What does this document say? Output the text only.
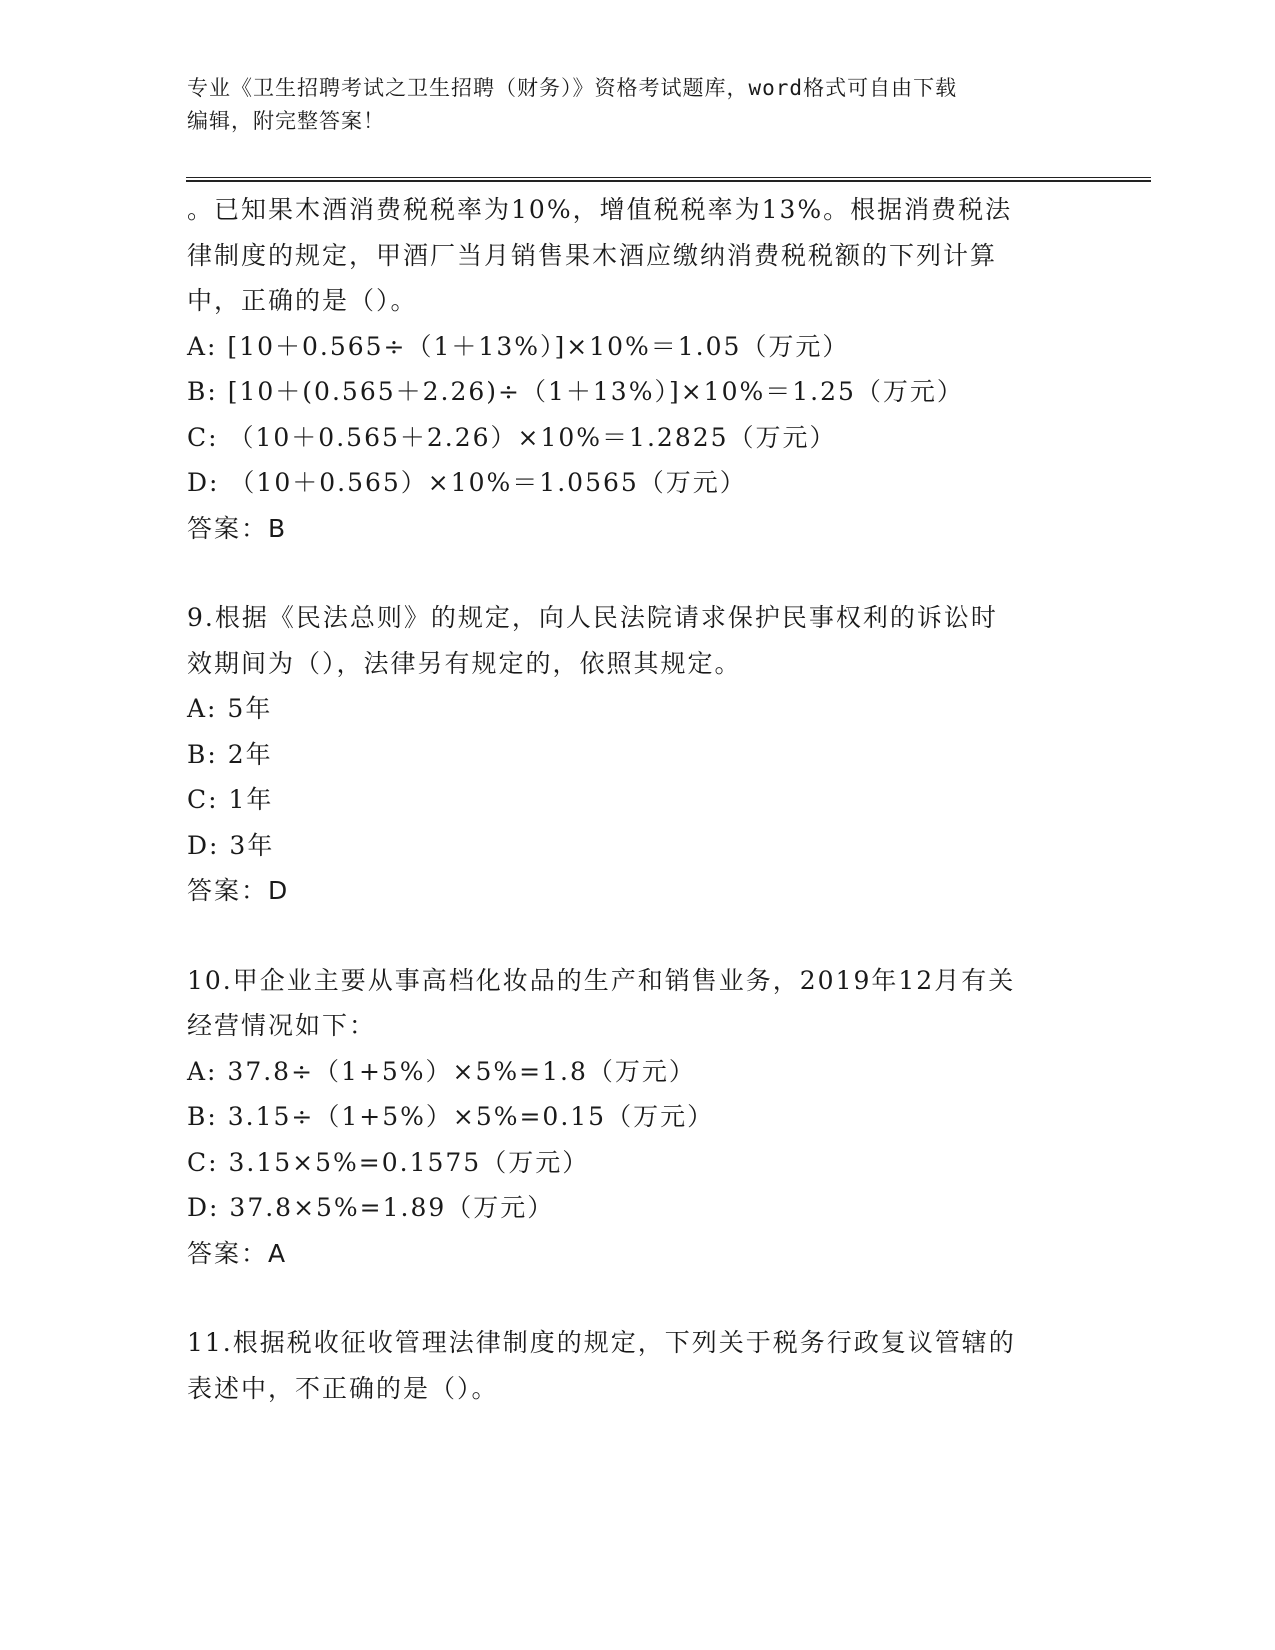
专业《卫生招聘考试之卫生招聘（财务）》资格考试题库，word格式可自由下载
编辑，附完整答案！
。已知果木酒消费税税率为10%，增值税税率为13%。根据消费税法
律制度的规定，甲酒厂当月销售果木酒应缴纳消费税税额的下列计算
中，正确的是（）。
A: [10＋0.565÷（1＋13%）]×10%＝1.05（万元）
B: [10＋(0.565＋2.26)÷（1＋13%）]×10%＝1.25（万元）
C: （10＋0.565＋2.26）×10%＝1.2825（万元）
D: （10＋0.565）×10%＝1.0565（万元）
答案：B
9.根据《民法总则》的规定，向人民法院请求保护民事权利的诉讼时
效期间为（），法律另有规定的，依照其规定。
A: 5年
B: 2年
C: 1年
D: 3年
答案：D
10.甲企业主要从事高档化妆品的生产和销售业务，2019年12月有关
经营情况如下：
A: 37.8÷（1+5%）×5%=1.8（万元）
B: 3.15÷（1+5%）×5%=0.15（万元）
C: 3.15×5%=0.1575（万元）
D: 37.8×5%=1.89（万元）
答案：A
11.根据税收征收管理法律制度的规定，下列关于税务行政复议管辖的
表述中，不正确的是（）。
